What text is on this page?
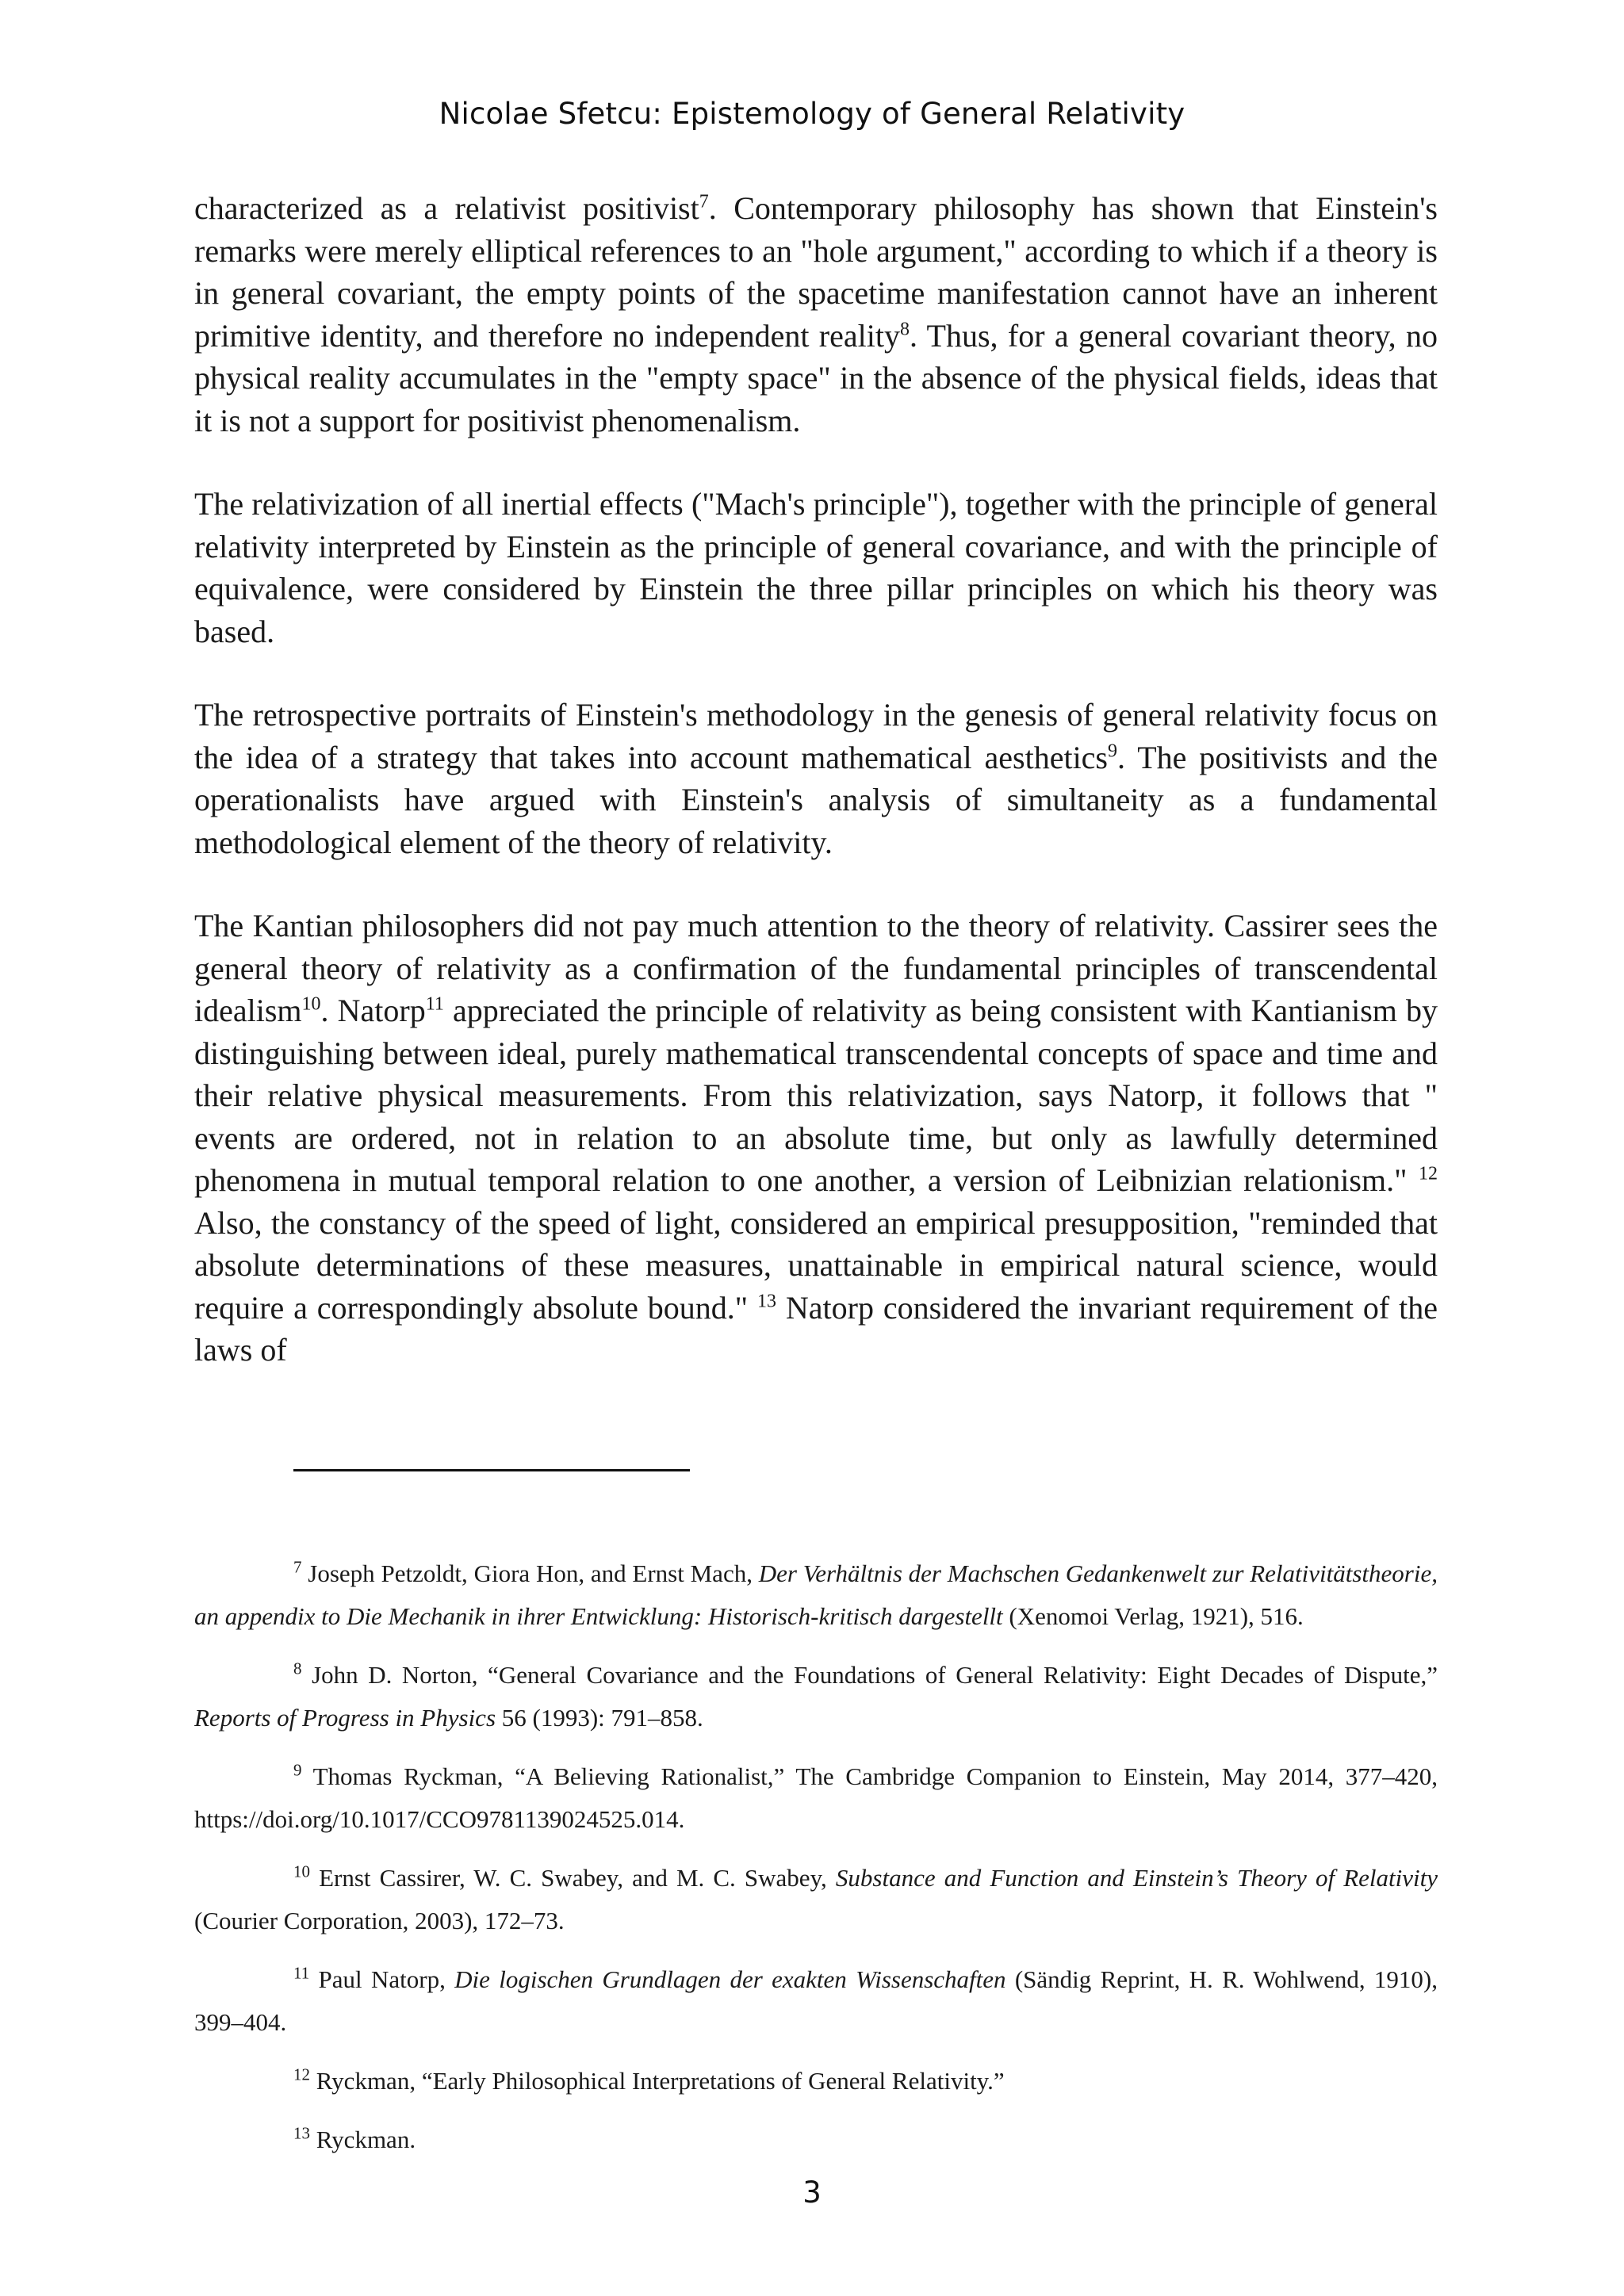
Nicolae Sfetcu: Epistemology of General Relativity

characterized as a relativist positivist$^7$. Contemporary philosophy has shown that Einstein's remarks were merely elliptical references to an "hole argument," according to which if a theory is in general covariant, the empty points of the spacetime manifestation cannot have an inherent primitive identity, and therefore no independent reality$^8$. Thus, for a general covariant theory, no physical reality accumulates in the "empty space" in the absence of the physical fields, ideas that it is not a support for positivist phenomenalism.

The relativization of all inertial effects ("Mach's principle"), together with the principle of general relativity interpreted by Einstein as the principle of general covariance, and with the principle of equivalence, were considered by Einstein the three pillar principles on which his theory was based.

The retrospective portraits of Einstein's methodology in the genesis of general relativity focus on the idea of a strategy that takes into account mathematical aesthetics$^9$. The positivists and the operationalists have argued with Einstein's analysis of simultaneity as a fundamental methodological element of the theory of relativity.

The Kantian philosophers did not pay much attention to the theory of relativity. Cassirer sees the general theory of relativity as a confirmation of the fundamental principles of transcendental idealism$^{10}$. Natorp$^{11}$ appreciated the principle of relativity as being consistent with Kantianism by distinguishing between ideal, purely mathematical transcendental concepts of space and time and their relative physical measurements. From this relativization, says Natorp, it follows that " events are ordered, not in relation to an absolute time, but only as lawfully determined phenomena in mutual temporal relation to one another, a version of Leibnizian relationism." $^{12}$ Also, the constancy of the speed of light, considered an empirical presupposition, "reminded that absolute determinations of these measures, unattainable in empirical natural science, would require a correspondingly absolute bound." $^{13}$ Natorp considered the invariant requirement of the laws of

$^7$ Joseph Petzoldt, Giora Hon, and Ernst Mach, Der Verhältnis der Machschen Gedankenwelt zur Relativitätstheorie, an appendix to Die Mechanik in ihrer Entwicklung: Historisch-kritisch dargestellt (Xenomoi Verlag, 1921), 516.

$^8$ John D. Norton, “General Covariance and the Foundations of General Relativity: Eight Decades of Dispute,” Reports of Progress in Physics 56 (1993): 791–858.

$^9$ Thomas Ryckman, “A Believing Rationalist,” The Cambridge Companion to Einstein, May 2014, 377–420, https://doi.org/10.1017/CCO9781139024525.014.

$^{10}$ Ernst Cassirer, W. C. Swabey, and M. C. Swabey, Substance and Function and Einstein’s Theory of Relativity (Courier Corporation, 2003), 172–73.

$^{11}$ Paul Natorp, Die logischen Grundlagen der exakten Wissenschaften (Sändig Reprint, H. R. Wohlwend, 1910), 399–404.

$^{12}$ Ryckman, “Early Philosophical Interpretations of General Relativity.”

$^{13}$ Ryckman.

3
